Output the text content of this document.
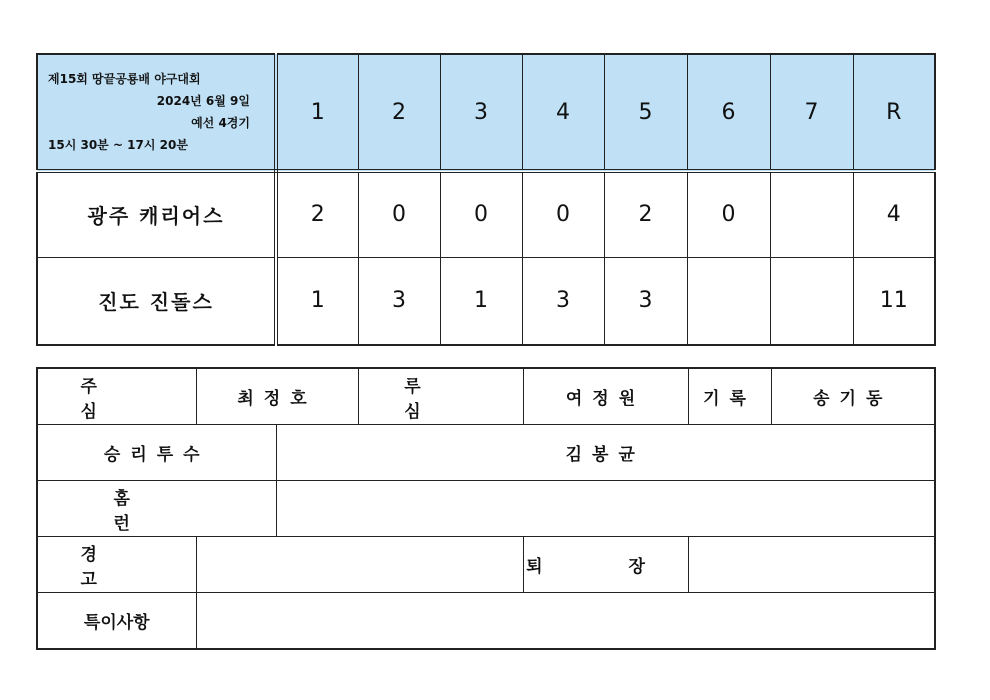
제15회 땅끝공룡배 야구대회
2024년 6월 9일
예선 4경기
15시 30분 ~ 17시 20분	1	2	3	4	5	6	7	R
광주 캐리어스	2	0	0	0	2	0		4
진도 진돌스	1	3	1	3	3			11
주 심	최정호		루 심	여정원	기록	송기동
승리투수		김봉균				
홈 런						
경 고				퇴 장		
특이사항						
